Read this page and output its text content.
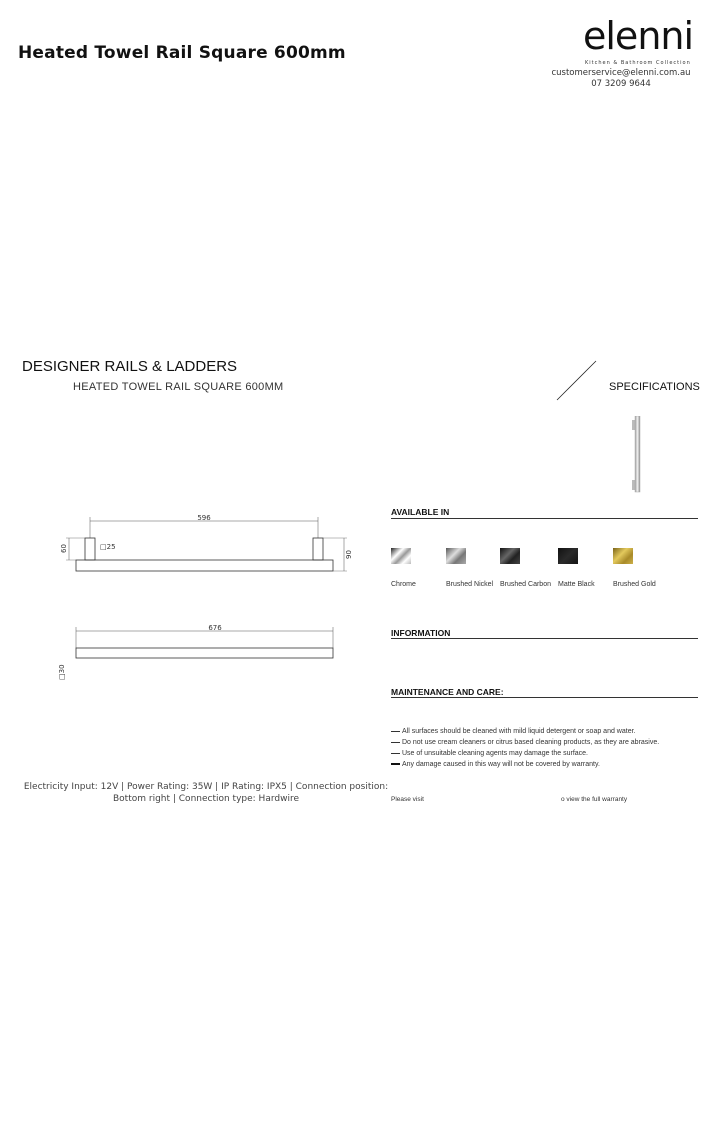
Heated Towel Rail Square 600mm	elenni
Kitchen & Bathroom Collection
customerservice@elenni.com.au
07 3209 9644
DESIGNER RAILS & LADDERS
HEATED TOWEL RAIL SQUARE 600MM	SPECIFICATIONS
596
□25
60
90
676
□30
AVAILABLE IN
Chrome	Brushed Nickel Brushed Carbon Matte Black	Brushed Gold
INFORMATION
MAINTENANCE AND CARE:
All surfaces should be cleaned with mild liquid detergent or soap and water.
Do not use cream cleaners or citrus based cleaning products, as they are abrasive.
Use of unsuitable cleaning agents may damage the surface.
Any damage caused in this way will not be covered by warranty.
Please visit	o view the full warranty
Electricity Input: 12V | Power Rating: 35W | IP Rating: IPX5 | Connection position: Bottom right | Connection type: Hardwire
